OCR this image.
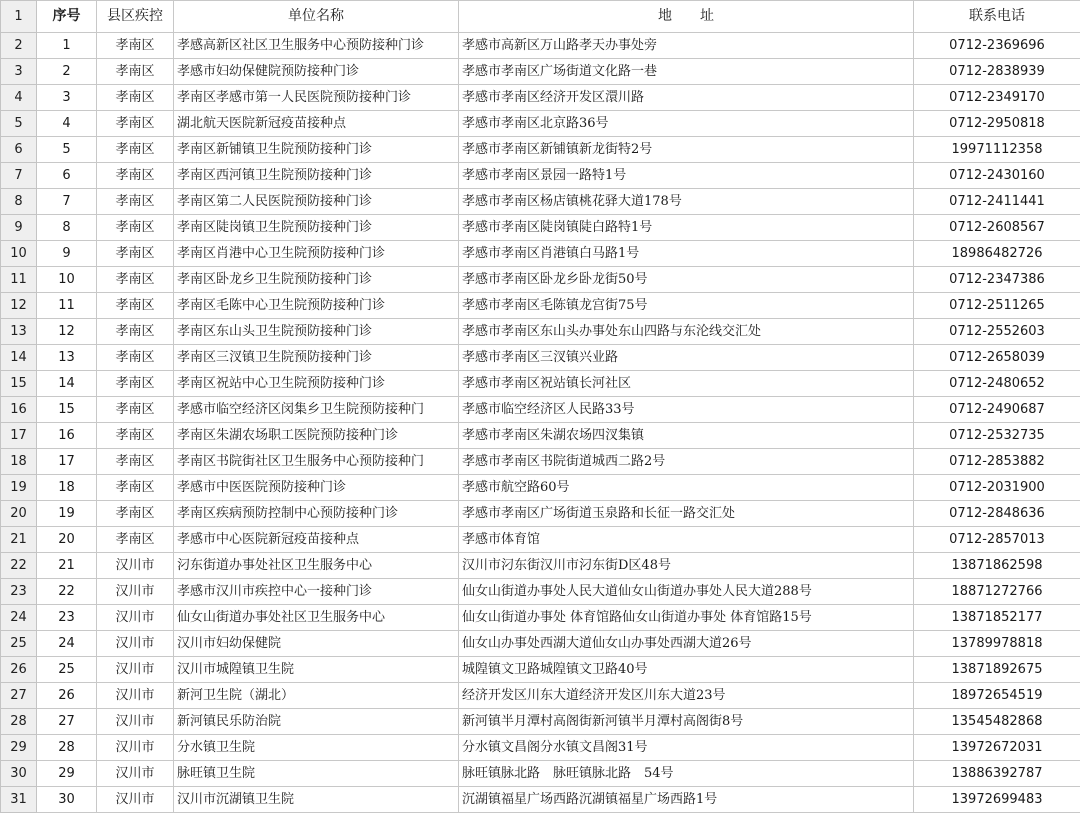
1	序号	县区疾控	单位名称	地　　址	联系电话
2	1	孝南区	孝感高新区社区卫生服务中心预防接种门诊	孝感市高新区万山路孝天办事处旁	0712-2369696
3	2	孝南区	孝感市妇幼保健院预防接种门诊	孝感市孝南区广场街道文化路一巷	0712-2838939
4	3	孝南区	孝南区孝感市第一人民医院预防接种门诊	孝感市孝南区经济开发区澴川路	0712-2349170
5	4	孝南区	湖北航天医院新冠疫苗接种点	孝感市孝南区北京路36号	0712-2950818
6	5	孝南区	孝南区新铺镇卫生院预防接种门诊	孝感市孝南区新铺镇新龙街特2号	19971112358
7	6	孝南区	孝南区西河镇卫生院预防接种门诊	孝感市孝南区景园一路特1号	0712-2430160
8	7	孝南区	孝南区第二人民医院预防接种门诊	孝感市孝南区杨店镇桃花驿大道178号	0712-2411441
9	8	孝南区	孝南区陡岗镇卫生院预防接种门诊	孝感市孝南区陡岗镇陡白路特1号	0712-2608567
10	9	孝南区	孝南区肖港中心卫生院预防接种门诊	孝感市孝南区肖港镇白马路1号	18986482726
11	10	孝南区	孝南区卧龙乡卫生院预防接种门诊	孝感市孝南区卧龙乡卧龙街50号	0712-2347386
12	11	孝南区	孝南区毛陈中心卫生院预防接种门诊	孝感市孝南区毛陈镇龙宫街75号	0712-2511265
13	12	孝南区	孝南区东山头卫生院预防接种门诊	孝感市孝南区东山头办事处东山四路与东沦线交汇处	0712-2552603
14	13	孝南区	孝南区三汊镇卫生院预防接种门诊	孝感市孝南区三汊镇兴业路	0712-2658039
15	14	孝南区	孝南区祝站中心卫生院预防接种门诊	孝感市孝南区祝站镇长河社区	0712-2480652
16	15	孝南区	孝感市临空经济区闵集乡卫生院预防接种门	孝感市临空经济区人民路33号	0712-2490687
17	16	孝南区	孝南区朱湖农场职工医院预防接种门诊	孝感市孝南区朱湖农场四汊集镇	0712-2532735
18	17	孝南区	孝南区书院街社区卫生服务中心预防接种门	孝感市孝南区书院街道城西二路2号	0712-2853882
19	18	孝南区	孝感市中医医院预防接种门诊	孝感市航空路60号	0712-2031900
20	19	孝南区	孝南区疾病预防控制中心预防接种门诊	孝感市孝南区广场街道玉泉路和长征一路交汇处	0712-2848636
21	20	孝南区	孝感市中心医院新冠疫苗接种点	孝感市体育馆	0712-2857013
22	21	汉川市	汈东街道办事处社区卫生服务中心	汉川市汈东街汉川市汈东街D区48号	13871862598
23	22	汉川市	孝感市汉川市疾控中心一接种门诊	仙女山街道办事处人民大道仙女山街道办事处人民大道288号	18871272766
24	23	汉川市	仙女山街道办事处社区卫生服务中心	仙女山街道办事处 体育馆路仙女山街道办事处 体育馆路15号	13871852177
25	24	汉川市	汉川市妇幼保健院	仙女山办事处西湖大道仙女山办事处西湖大道26号	13789978818
26	25	汉川市	汉川市城隍镇卫生院	城隍镇文卫路城隍镇文卫路40号	13871892675
27	26	汉川市	新河卫生院（湖北）	经济开发区川东大道经济开发区川东大道23号	18972654519
28	27	汉川市	新河镇民乐防治院	新河镇半月潭村高阁街新河镇半月潭村高阁街8号	13545482868
29	28	汉川市	分水镇卫生院	分水镇文昌阁分水镇文昌阁31号	13972672031
30	29	汉川市	脉旺镇卫生院	脉旺镇脉北路　脉旺镇脉北路　54号	13886392787
31	30	汉川市	汉川市沉湖镇卫生院	沉湖镇福星广场西路沉湖镇福星广场西路1号	13972699483
